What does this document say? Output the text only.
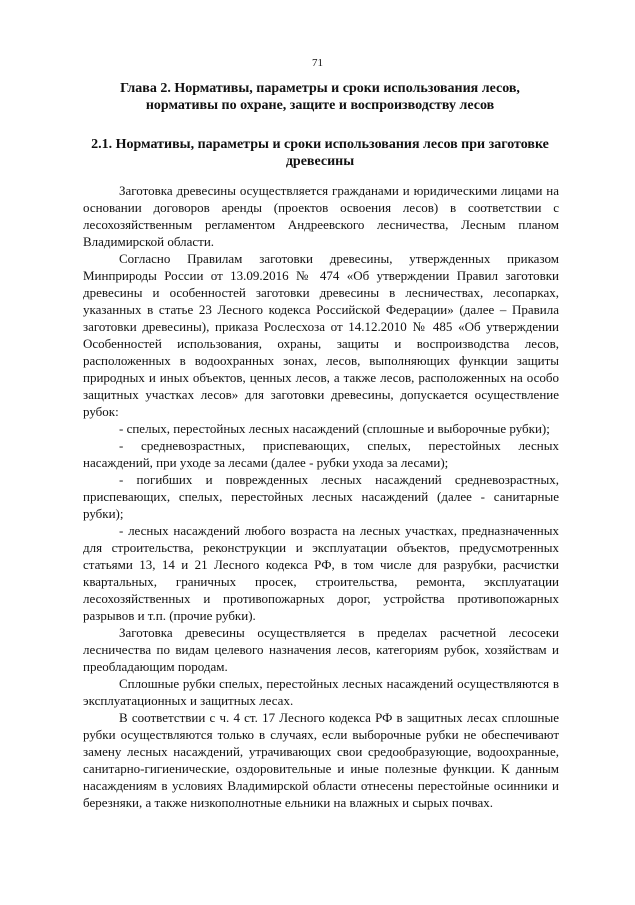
71
Глава 2. Нормативы, параметры и сроки использования лесов,
нормативы по охране, защите и воспроизводству лесов
2.1. Нормативы, параметры и сроки использования лесов при заготовке
древесины

Заготовка древесины осуществляется гражданами и юридическими лицами на основании договоров аренды (проектов освоения лесов) в соответствии с лесохозяйственным регламентом Андреевского лесничества, Лесным планом Владимирской области.

Согласно Правилам заготовки древесины, утвержденных приказом Минприроды России от 13.09.2016 № 474 «Об утверждении Правил заготовки древесины и особенностей заготовки древесины в лесничествах, лесопарках, указанных в статье 23 Лесного кодекса Российской Федерации» (далее – Правила заготовки древесины), приказа Рослесхоза от 14.12.2010 № 485 «Об утверждении Особенностей использования, охраны, защиты и воспроизводства лесов, расположенных в водоохранных зонах, лесов, выполняющих функции защиты природных и иных объектов, ценных лесов, а также лесов, расположенных на особо защитных участках лесов» для заготовки древесины, допускается осуществление рубок:

- спелых, перестойных лесных насаждений (сплошные и выборочные рубки);

- средневозрастных, приспевающих, спелых, перестойных лесных насаждений, при уходе за лесами (далее - рубки ухода за лесами);

- погибших и поврежденных лесных насаждений средневозрастных, приспевающих, спелых, перестойных лесных насаждений (далее - санитарные рубки);

- лесных насаждений любого возраста на лесных участках, предназначенных для строительства, реконструкции и эксплуатации объектов, предусмотренных статьями 13, 14 и 21 Лесного кодекса РФ, в том числе для разрубки, расчистки квартальных, граничных просек, строительства, ремонта, эксплуатации лесохозяйственных и противопожарных дорог, устройства противопожарных разрывов и т.п. (прочие рубки).

Заготовка древесины осуществляется в пределах расчетной лесосеки лесничества по видам целевого назначения лесов, категориям рубок, хозяйствам и преобладающим породам.

Сплошные рубки спелых, перестойных лесных насаждений осуществляются в эксплуатационных и защитных лесах.

В соответствии с ч. 4 ст. 17 Лесного кодекса РФ в защитных лесах сплошные рубки осуществляются только в случаях, если выборочные рубки не обеспечивают замену лесных насаждений, утрачивающих свои средообразующие, водоохранные, санитарно-гигиенические, оздоровительные и иные полезные функции. К данным насаждениям в условиях Владимирской области отнесены перестойные осинники и березняки, а также низкополнотные ельники на влажных и сырых почвах.
